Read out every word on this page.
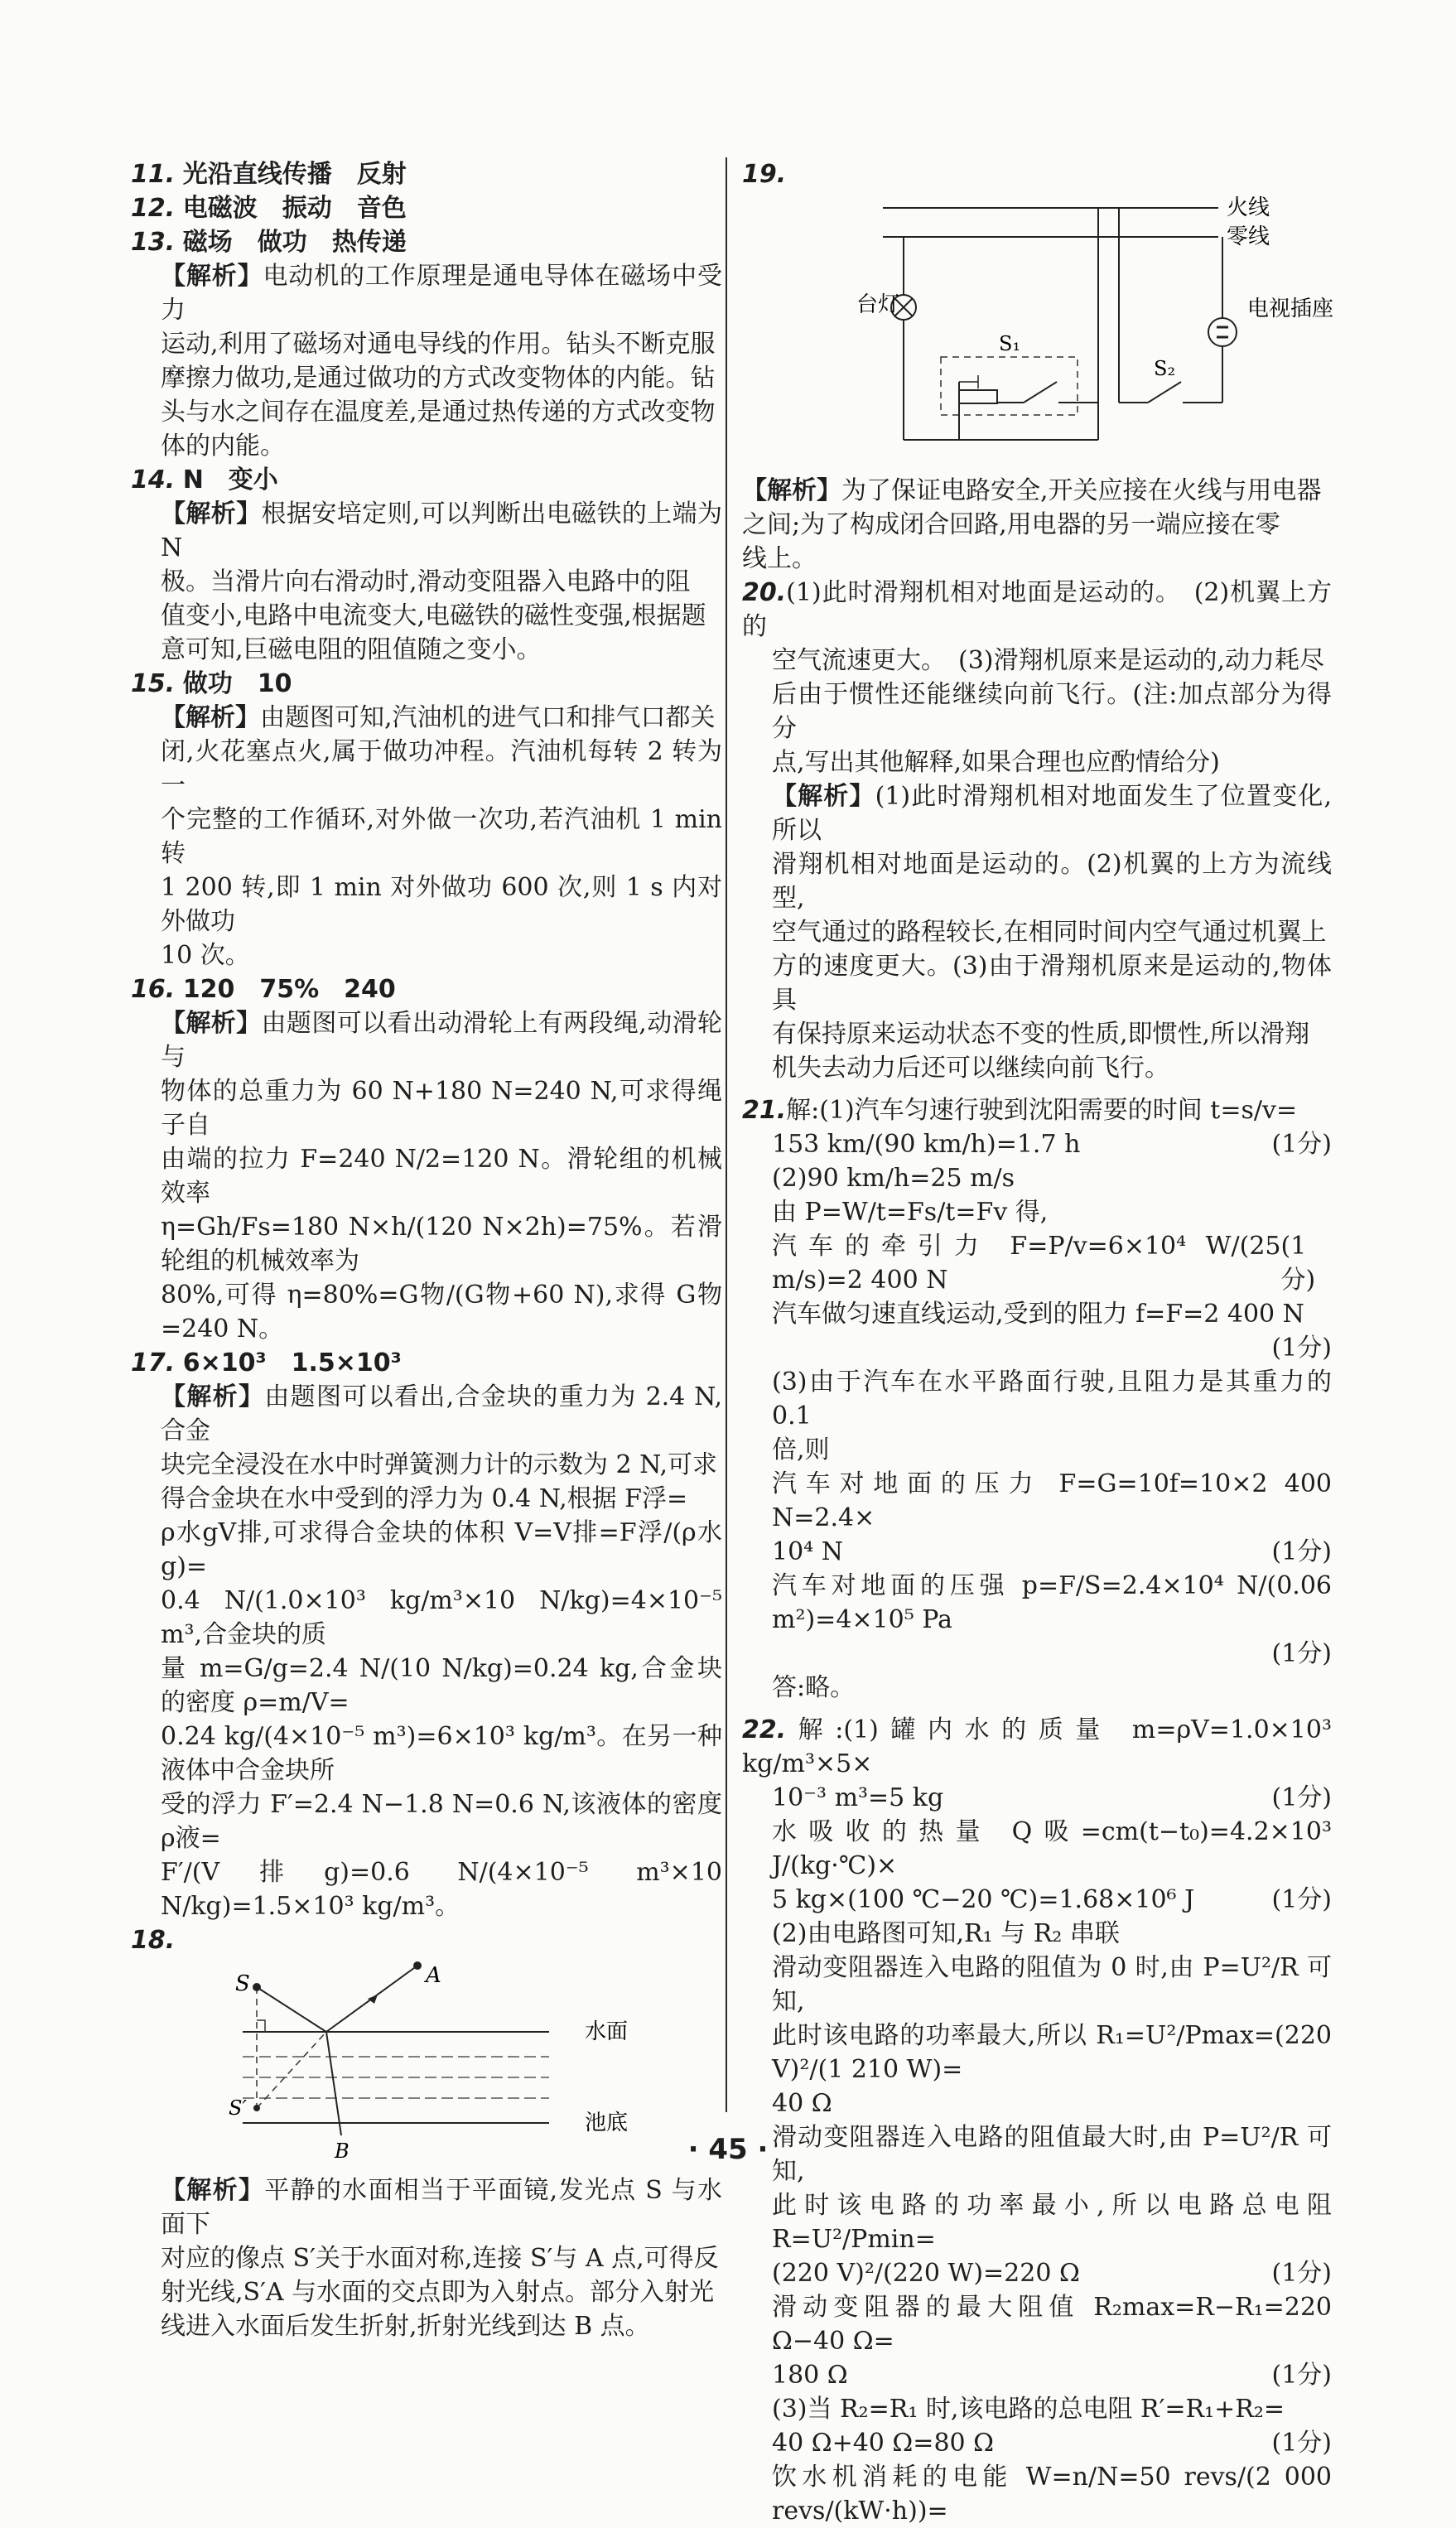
11. 光沿直线传播　反射
12. 电磁波　振动　音色
13. 磁场　做功　热传递

【解析】电动机的工作原理是通电导体在磁场中受力

运动,利用了磁场对通电导线的作用。钻头不断克服

摩擦力做功,是通过做功的方式改变物体的内能。钻

头与水之间存在温度差,是通过热传递的方式改变物

体的内能。

14. N　变小

【解析】根据安培定则,可以判断出电磁铁的上端为 N

极。当滑片向右滑动时,滑动变阻器入电路中的阻

值变小,电路中电流变大,电磁铁的磁性变强,根据题

意可知,巨磁电阻的阻值随之变小。

15. 做功　10

【解析】由题图可知,汽油机的进气口和排气口都关

闭,火花塞点火,属于做功冲程。汽油机每转 2 转为一

个完整的工作循环,对外做一次功,若汽油机 1 min 转

1 200 转,即 1 min 对外做功 600 次,则 1 s 内对外做功

10 次。

16. 120　75%　240

【解析】由题图可以看出动滑轮上有两段绳,动滑轮与

物体的总重力为 60 N+180 N=240 N,可求得绳子自

由端的拉力 F=240 N/2=120 N。滑轮组的机械效率

η=Gh/Fs=180 N×h/(120 N×2h)=75%。若滑轮组的机械效率为

80%,可得 η=80%=G物/(G物+60 N),求得 G物=240 N。

17. 6×10³　1.5×10³

【解析】由题图可以看出,合金块的重力为 2.4 N,合金

块完全浸没在水中时弹簧测力计的示数为 2 N,可求

得合金块在水中受到的浮力为 0.4 N,根据 F浮=

ρ水gV排,可求得合金块的体积 V=V排=F浮/(ρ水g)=

0.4 N/(1.0×10³ kg/m³×10 N/kg)=4×10⁻⁵ m³,合金块的质

量 m=G/g=2.4 N/(10 N/kg)=0.24 kg,合金块的密度 ρ=m/V=

0.24 kg/(4×10⁻⁵ m³)=6×10³ kg/m³。在另一种液体中合金块所

受的浮力 F′=2.4 N−1.8 N=0.6 N,该液体的密度 ρ液=

F′/(V排g)=0.6 N/(4×10⁻⁵ m³×10 N/kg)=1.5×10³ kg/m³。

18.
S	A
S′
B
水面
池底

【解析】平静的水面相当于平面镜,发光点 S 与水面下

对应的像点 S′关于水面对称,连接 S′与 A 点,可得反

射光线,S′A 与水面的交点即为入射点。部分入射光

线进入水面后发生折射,折射光线到达 B 点。

19.
火线
零线
台灯	电视插座
S₁
S₂

【解析】为了保证电路安全,开关应接在火线与用电器

之间;为了构成闭合回路,用电器的另一端应接在零

线上。

20.(1)此时滑翔机相对地面是运动的。　(2)机翼上方的

空气流速更大。　(3)滑翔机原来是运动的,动力耗尽

后由于惯性还能继续向前飞行。(注:加点部分为得分

点,写出其他解释,如果合理也应酌情给分)

【解析】(1)此时滑翔机相对地面发生了位置变化,所以

滑翔机相对地面是运动的。(2)机翼的上方为流线型,

空气通过的路程较长,在相同时间内空气通过机翼上

方的速度更大。(3)由于滑翔机原来是运动的,物体具

有保持原来运动状态不变的性质,即惯性,所以滑翔

机失去动力后还可以继续向前飞行。

21.解:(1)汽车匀速行驶到沈阳需要的时间 t=s/v=

153 km/(90 km/h)=1.7 h	(1分)

(2)90 km/h=25 m/s

由 P=W/t=Fs/t=Fv 得,

汽车的牵引力 F=P/v=6×10⁴ W/(25 m/s)=2 400 N
(1分)

汽车做匀速直线运动,受到的阻力 f=F=2 400 N

(1分)

(3)由于汽车在水平路面行驶,且阻力是其重力的 0.1

倍,则

汽车对地面的压力 F=G=10f=10×2 400 N=2.4×

10⁴ N	(1分)

汽车对地面的压强 p=F/S=2.4×10⁴ N/(0.06 m²)=4×10⁵ Pa

(1分)

答:略。

22.解:(1)罐内水的质量 m=ρV=1.0×10³ kg/m³×5×

10⁻³ m³=5 kg	(1分)

水吸收的热量 Q吸=cm(t−t₀)=4.2×10³ J/(kg·℃)×

5 kg×(100 ℃−20 ℃)=1.68×10⁶ J	(1分)

(2)由电路图可知,R₁ 与 R₂ 串联

滑动变阻器连入电路的阻值为 0 时,由 P=U²/R 可知,

此时该电路的功率最大,所以 R₁=U²/Pmax=(220 V)²/(1 210 W)=

40 Ω

滑动变阻器连入电路的阻值最大时,由 P=U²/R 可知,

此时该电路的功率最小,所以电路总电阻 R=U²/Pmin=

(220 V)²/(220 W)=220 Ω	(1分)

滑动变阻器的最大阻值 R₂max=R−R₁=220 Ω−40 Ω=

180 Ω	(1分)

(3)当 R₂=R₁ 时,该电路的总电阻 R′=R₁+R₂=

40 Ω+40 Ω=80 Ω	(1分)

饮水机消耗的电能 W=n/N=50 revs/(2 000 revs/(kW·h))=

· 45 ·
